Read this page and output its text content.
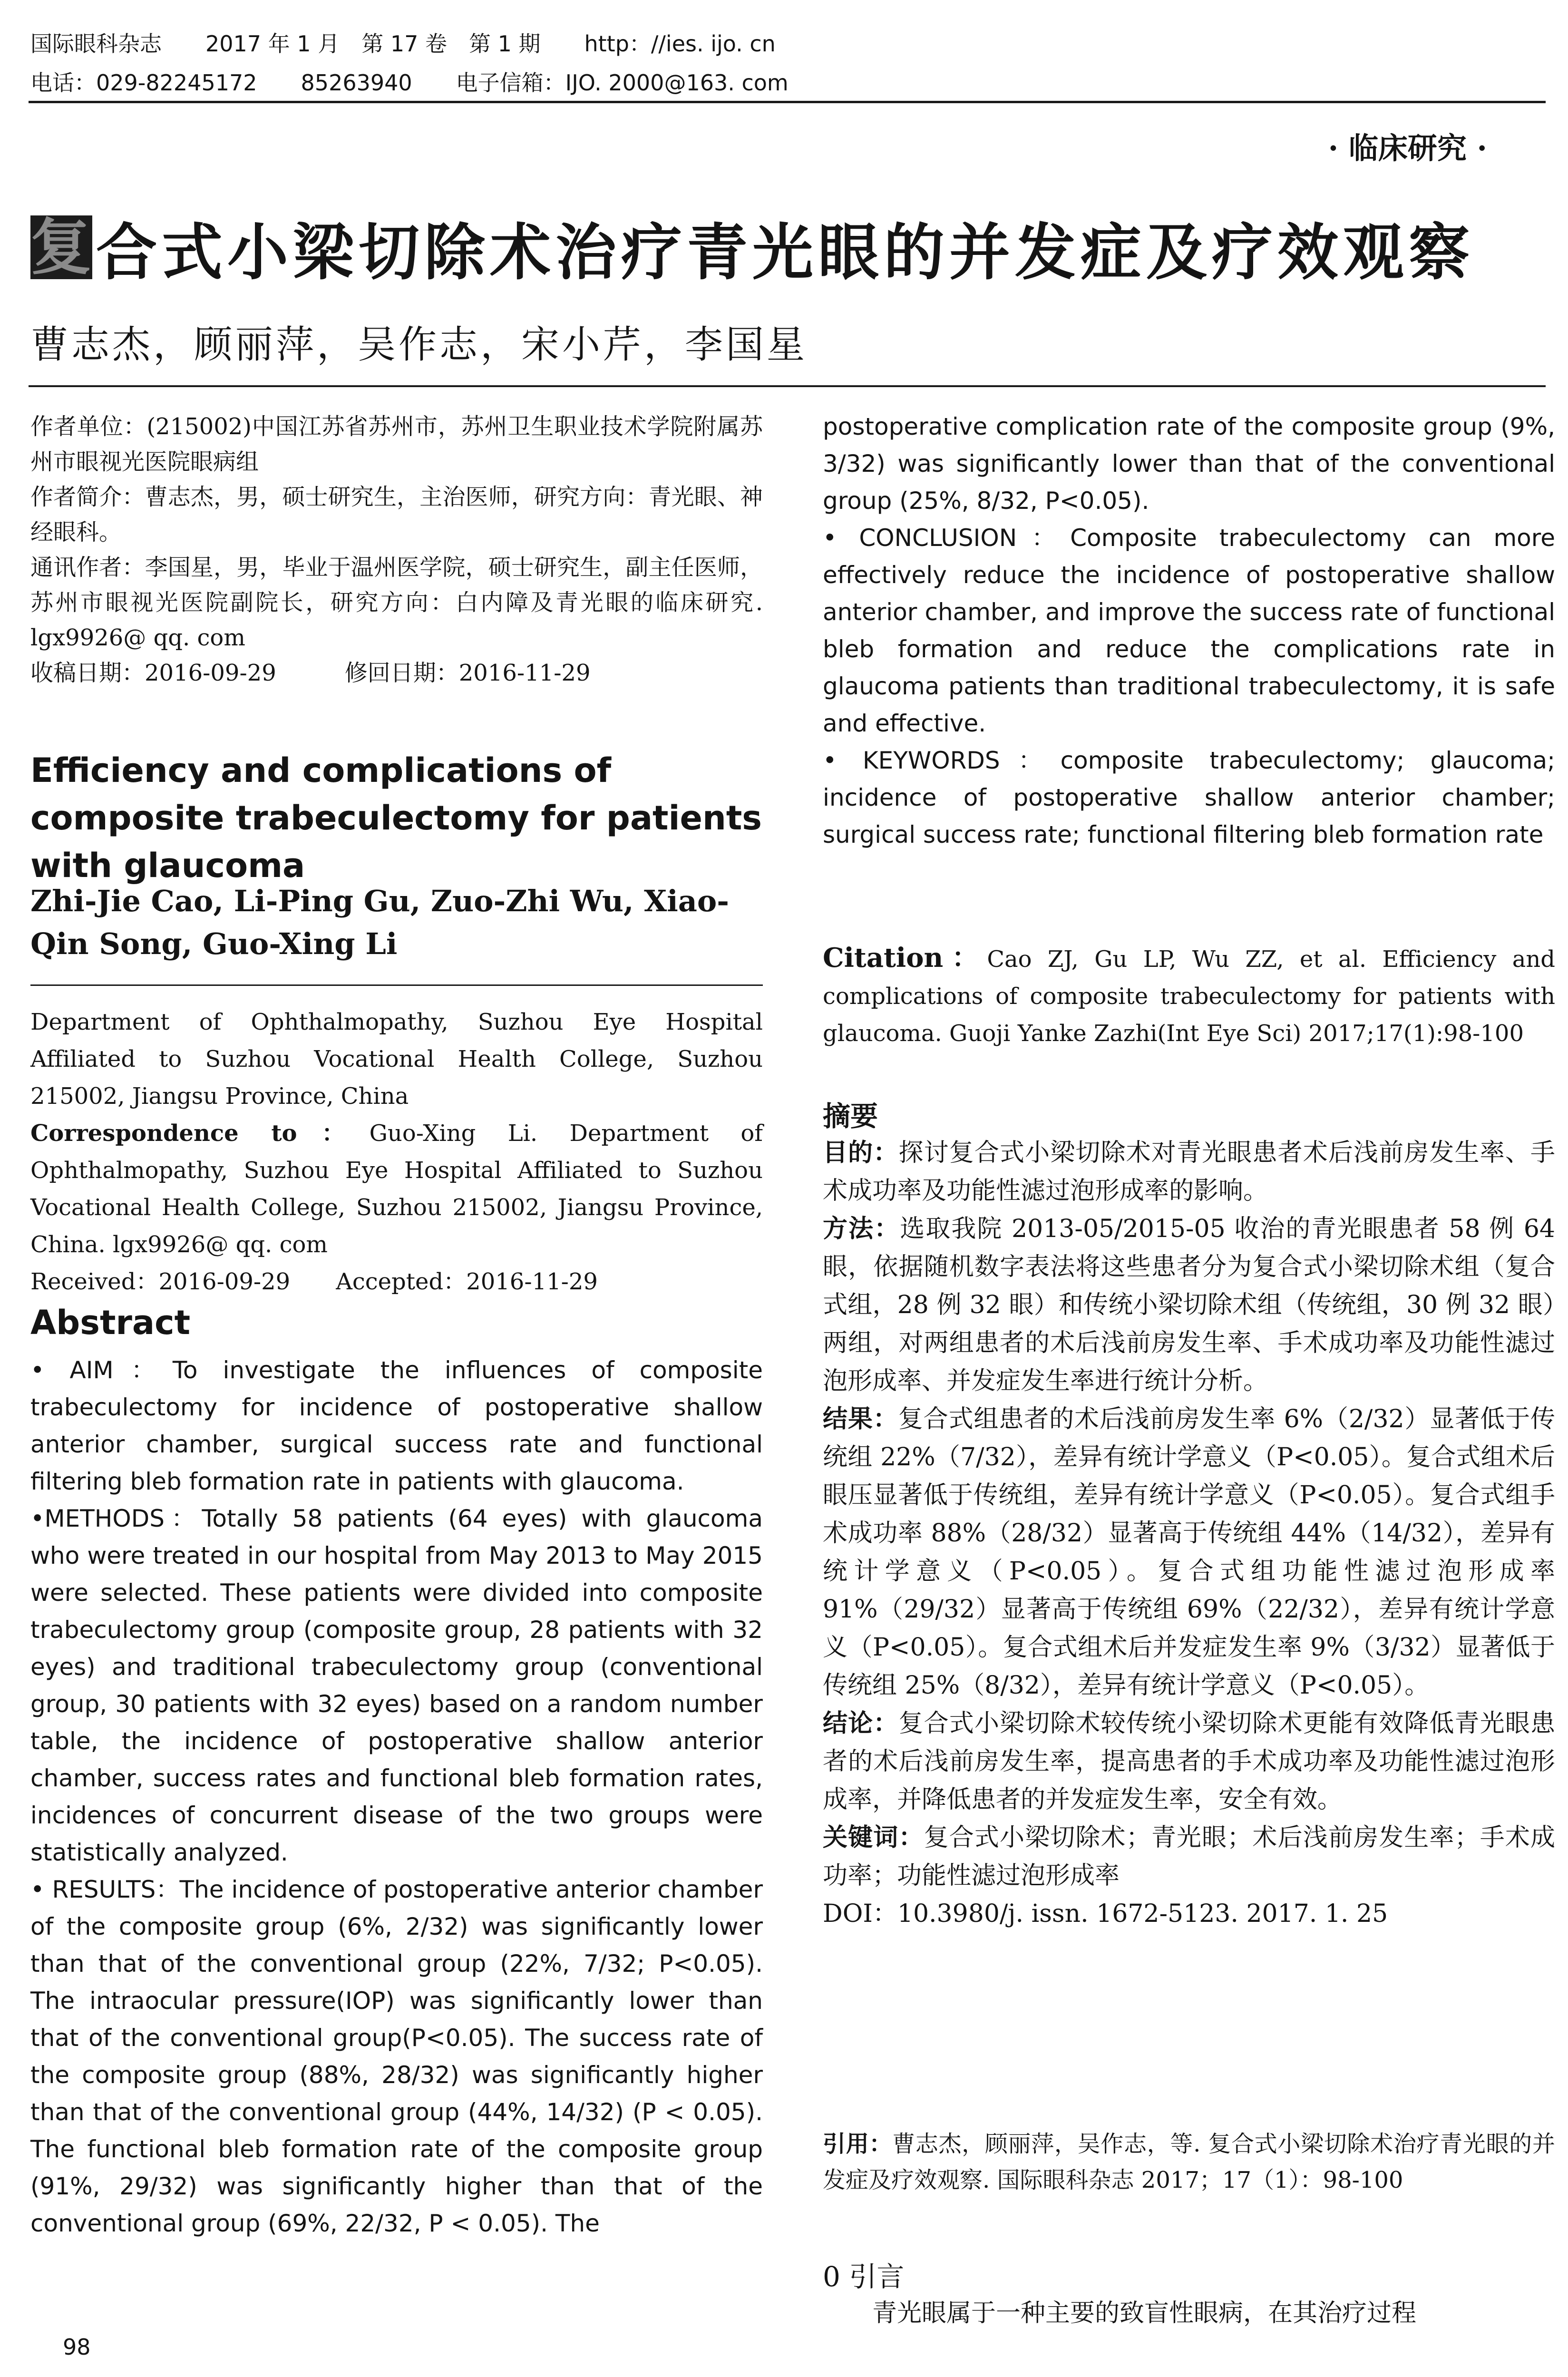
国际眼科杂志　　2017 年 1 月　第 17 卷　第 1 期　　http：//ies. ijo. cn
电话：029-82245172　　85263940　　电子信箱：IJO. 2000@163. com
· 临床研究 ·
复 合式小梁切除术治疗青光眼的并发症及疗效观察
曹志杰，顾丽萍，吴作志，宋小芹，李国星

作者单位：(215002)中国江苏省苏州市，苏州卫生职业技术学院附属苏州市眼视光医院眼病组

作者简介：曹志杰，男，硕士研究生，主治医师，研究方向：青光眼、神经眼科。

通讯作者：李国星，男，毕业于温州医学院，硕士研究生，副主任医师，苏州市眼视光医院副院长，研究方向：白内障及青光眼的临床研究. lgx9926@ qq. com

收稿日期：2016-09-29　　　修回日期：2016-11-29

Efficiency and complications of composite trabeculectomy for patients with glaucoma
Zhi-Jie Cao, Li-Ping Gu, Zuo-Zhi Wu, Xiao-Qin Song, Guo-Xing Li

Department of Ophthalmopathy, Suzhou Eye Hospital Affiliated to Suzhou Vocational Health College, Suzhou 215002, Jiangsu Province, China

Correspondence to：Guo-Xing Li. Department of Ophthalmopathy, Suzhou Eye Hospital Affiliated to Suzhou Vocational Health College, Suzhou 215002, Jiangsu Province, China. lgx9926@ qq. com

Received：2016-09-29　　Accepted：2016-11-29

Abstract

• AIM：To investigate the influences of composite trabeculectomy for incidence of postoperative shallow anterior chamber, surgical success rate and functional filtering bleb formation rate in patients with glaucoma.

•METHODS：Totally 58 patients (64 eyes) with glaucoma who were treated in our hospital from May 2013 to May 2015 were selected. These patients were divided into composite trabeculectomy group (composite group, 28 patients with 32 eyes) and traditional trabeculectomy group (conventional group, 30 patients with 32 eyes) based on a random number table, the incidence of postoperative shallow anterior chamber, success rates and functional bleb formation rates, incidences of concurrent disease of the two groups were statistically analyzed.

• RESULTS：The incidence of postoperative anterior chamber of the composite group (6%, 2/32) was significantly lower than that of the conventional group (22%, 7/32; P<0.05). The intraocular pressure(IOP) was significantly lower than that of the conventional group(P<0.05). The success rate of the composite group (88%, 28/32) was significantly higher than that of the conventional group (44%, 14/32) (P < 0.05). The functional bleb formation rate of the composite group (91%, 29/32) was significantly higher than that of the conventional group (69%, 22/32, P < 0.05). The

postoperative complication rate of the composite group (9%, 3/32) was significantly lower than that of the conventional group (25%, 8/32, P<0.05).

• CONCLUSION：Composite trabeculectomy can more effectively reduce the incidence of postoperative shallow anterior chamber, and improve the success rate of functional bleb formation and reduce the complications rate in glaucoma patients than traditional trabeculectomy, it is safe and effective.

• KEYWORDS：composite trabeculectomy; glaucoma; incidence of postoperative shallow anterior chamber; surgical success rate; functional filtering bleb formation rate

Citation：Cao ZJ, Gu LP, Wu ZZ, et al. Efficiency and complications of composite trabeculectomy for patients with glaucoma. Guoji Yanke Zazhi(Int Eye Sci) 2017;17(1):98-100

摘要

目的：探讨复合式小梁切除术对青光眼患者术后浅前房发生率、手术成功率及功能性滤过泡形成率的影响。

方法：选取我院 2013-05/2015-05 收治的青光眼患者 58 例 64 眼，依据随机数字表法将这些患者分为复合式小梁切除术组（复合式组，28 例 32 眼）和传统小梁切除术组（传统组，30 例 32 眼）两组，对两组患者的术后浅前房发生率、手术成功率及功能性滤过泡形成率、并发症发生率进行统计分析。

结果：复合式组患者的术后浅前房发生率 6%（2/32）显著低于传统组 22%（7/32），差异有统计学意义（P<0.05）。复合式组术后眼压显著低于传统组，差异有统计学意义（P<0.05）。复合式组手术成功率 88%（28/32）显著高于传统组 44%（14/32），差异有统计学意义（P<0.05）。复合式组功能性滤过泡形成率 91%（29/32）显著高于传统组 69%（22/32），差异有统计学意义（P<0.05）。复合式组术后并发症发生率 9%（3/32）显著低于传统组 25%（8/32），差异有统计学意义（P<0.05）。

结论：复合式小梁切除术较传统小梁切除术更能有效降低青光眼患者的术后浅前房发生率，提高患者的手术成功率及功能性滤过泡形成率，并降低患者的并发症发生率，安全有效。

关键词：复合式小梁切除术；青光眼；术后浅前房发生率；手术成功率；功能性滤过泡形成率

DOI：10.3980/j. issn. 1672-5123. 2017. 1. 25

引用：曹志杰，顾丽萍，吴作志，等. 复合式小梁切除术治疗青光眼的并发症及疗效观察. 国际眼科杂志 2017；17（1）：98-100

0 引言

青光眼属于一种主要的致盲性眼病，在其治疗过程

98
